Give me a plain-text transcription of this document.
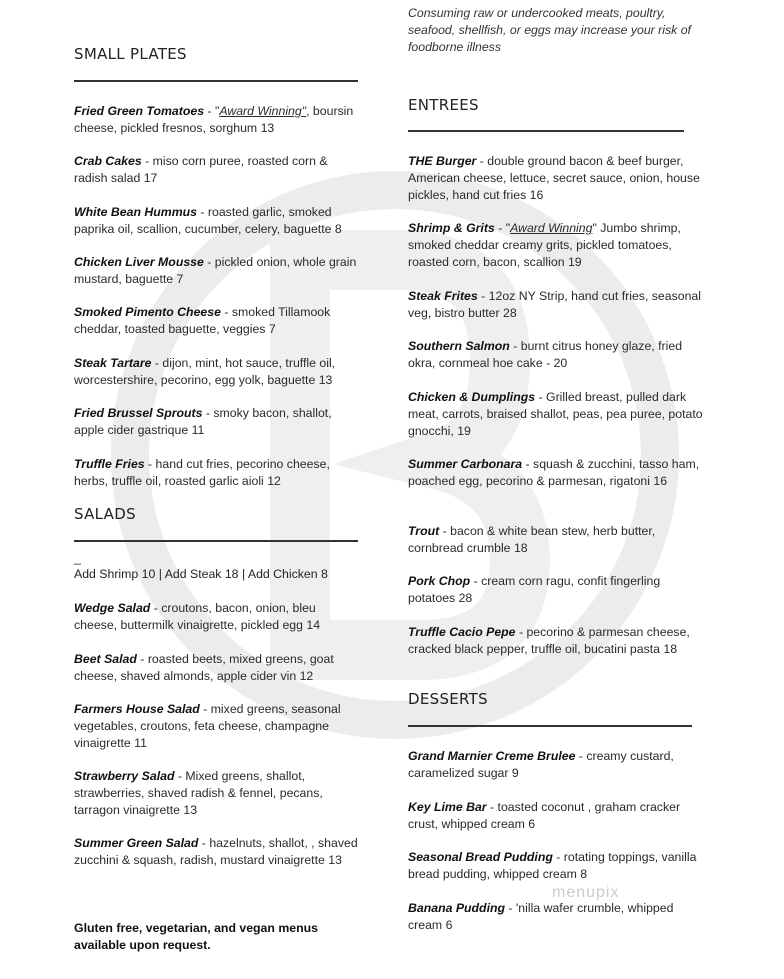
Consuming raw or undercooked meats, poultry, seafood, shellfish, or eggs may increase your risk of foodborne illness
SMALL PLATES
SALADS
_
Add Shrimp 10 | Add Steak 18 | Add Chicken 8
Gluten free, vegetarian, and vegan menus available upon request.
ENTREES
DESSERTS
menupix
Fried Green Tomatoes - "Award Winning", boursin cheese, pickled fresnos, sorghum 13
Crab Cakes - miso corn puree, roasted corn & radish salad 17
White Bean Hummus - roasted garlic, smoked paprika oil, scallion, cucumber, celery, baguette 8
Chicken Liver Mousse - pickled onion, whole grain mustard, baguette 7
Smoked Pimento Cheese - smoked Tillamook cheddar, toasted baguette, veggies 7
Steak Tartare - dijon, mint, hot sauce, truffle oil, worcestershire, pecorino, egg yolk, baguette 13
Fried Brussel Sprouts - smoky bacon, shallot, apple cider gastrique 11
Truffle Fries - hand cut fries, pecorino cheese, herbs, truffle oil, roasted garlic aioli 12
Wedge Salad - croutons, bacon, onion, bleu cheese, buttermilk vinaigrette, pickled egg 14
Beet Salad - roasted beets, mixed greens, goat cheese, shaved almonds, apple cider vin 12
Farmers House Salad - mixed greens, seasonal vegetables, croutons, feta cheese, champagne vinaigrette 11
Strawberry Salad - Mixed greens, shallot, strawberries, shaved radish & fennel, pecans, tarragon vinaigrette 13
Summer Green Salad - hazelnuts, shallot, , shaved zucchini & squash, radish, mustard vinaigrette 13
THE Burger - double ground bacon & beef burger, American cheese, lettuce, secret sauce, onion, house pickles, hand cut fries 16
Shrimp & Grits - "Award Winning" Jumbo shrimp, smoked cheddar creamy grits, pickled tomatoes, roasted corn, bacon, scallion 19
Steak Frites - 12oz NY Strip, hand cut fries, seasonal veg, bistro butter 28
Southern Salmon - burnt citrus honey glaze, fried okra, cornmeal hoe cake - 20
Chicken & Dumplings - Grilled breast, pulled dark meat, carrots, braised shallot, peas, pea puree, potato gnocchi, 19
Summer Carbonara - squash & zucchini, tasso ham, poached egg, pecorino & parmesan, rigatoni 16
Trout - bacon & white bean stew, herb butter, cornbread crumble 18
Pork Chop - cream corn ragu, confit fingerling potatoes 28
Truffle Cacio Pepe - pecorino & parmesan cheese, cracked black pepper, truffle oil, bucatini pasta 18
Grand Marnier Creme Brulee - creamy custard, caramelized sugar 9
Key Lime Bar - toasted coconut , graham cracker crust, whipped cream 6
Seasonal Bread Pudding - rotating toppings, vanilla bread pudding, whipped cream 8
Banana Pudding - 'nilla wafer crumble, whipped cream 6
